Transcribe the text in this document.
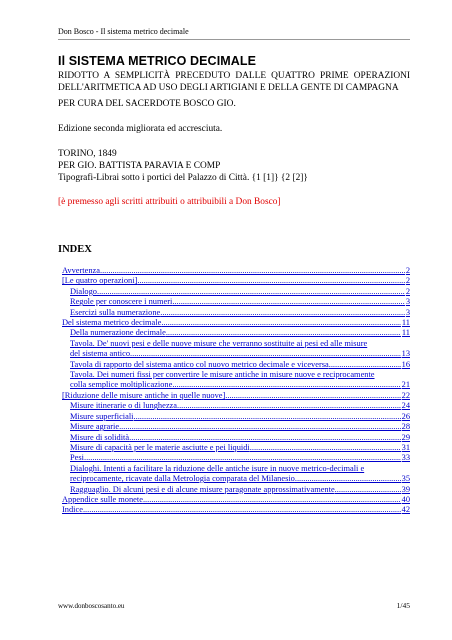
Don Bosco - Il sistema metrico decimale
Il SISTEMA METRICO DECIMALE
RIDOTTO A SEMPLICITÀ PRECEDUTO DALLE QUATTRO PRIME OPERAZIONI DELL'ARITMETICA AD USO DEGLI ARTIGIANI E DELLA GENTE DI CAMPAGNA
PER CURA DEL SACERDOTE BOSCO GIO.
Edizione seconda migliorata ed accresciuta.
TORINO, 1849
PER GIO. BATTISTA PARAVIA E COMP
Tipografi-Librai sotto i portici del Palazzo di Città. {1 [1]} {2 [2]}
[è premesso agli scritti attribuiti o attribuibili a Don Bosco]
INDEX
Avvertenza .....	2
[Le quatro operazioni] .....	2
Dialogo .....	2
Regole per conoscere i numeri .....	3
Esercizi sulla numerazione .....	3
Del sistema metrico decimale .....	11
Della numerazione decimale .....	11
Tavola. De' nuovi pesi e delle nuove misure che verranno sostituite ai pesi ed alle misure
del sistema antico .....	13
Tavola di rapporto del sistema antico col nuovo metrico decimale e viceversa .....	16
Tavola. Dei numeri fissi per convertire le misure antiche in misure nuove e reciprocamente
colla semplice moltiplicazione .....	21
[Riduzione delle misure antiche in quelle nuove] .....	22
Misure itinerarie o di lunghezza .....	24
Misure superficiali .....	26
Misure agrarie .....	28
Misure di solidità .....	29
Misure di capacità per le materie asciutte e pei liquidi .....	31
Pesi .....	33
Dialoghi. Intenti a facilitare la riduzione delle antiche isure in nuove metrico-decimali e
reciprocamente, ricavate dalla Metrologia comparata del Milanesio .....	35
Ragguaglio. Di alcuni pesi e di alcune misure paragonate approssimativamente .....	39
Appendice sulle monete .....	40
Indice .....	42
www.donboscosanto.eu	1/45
